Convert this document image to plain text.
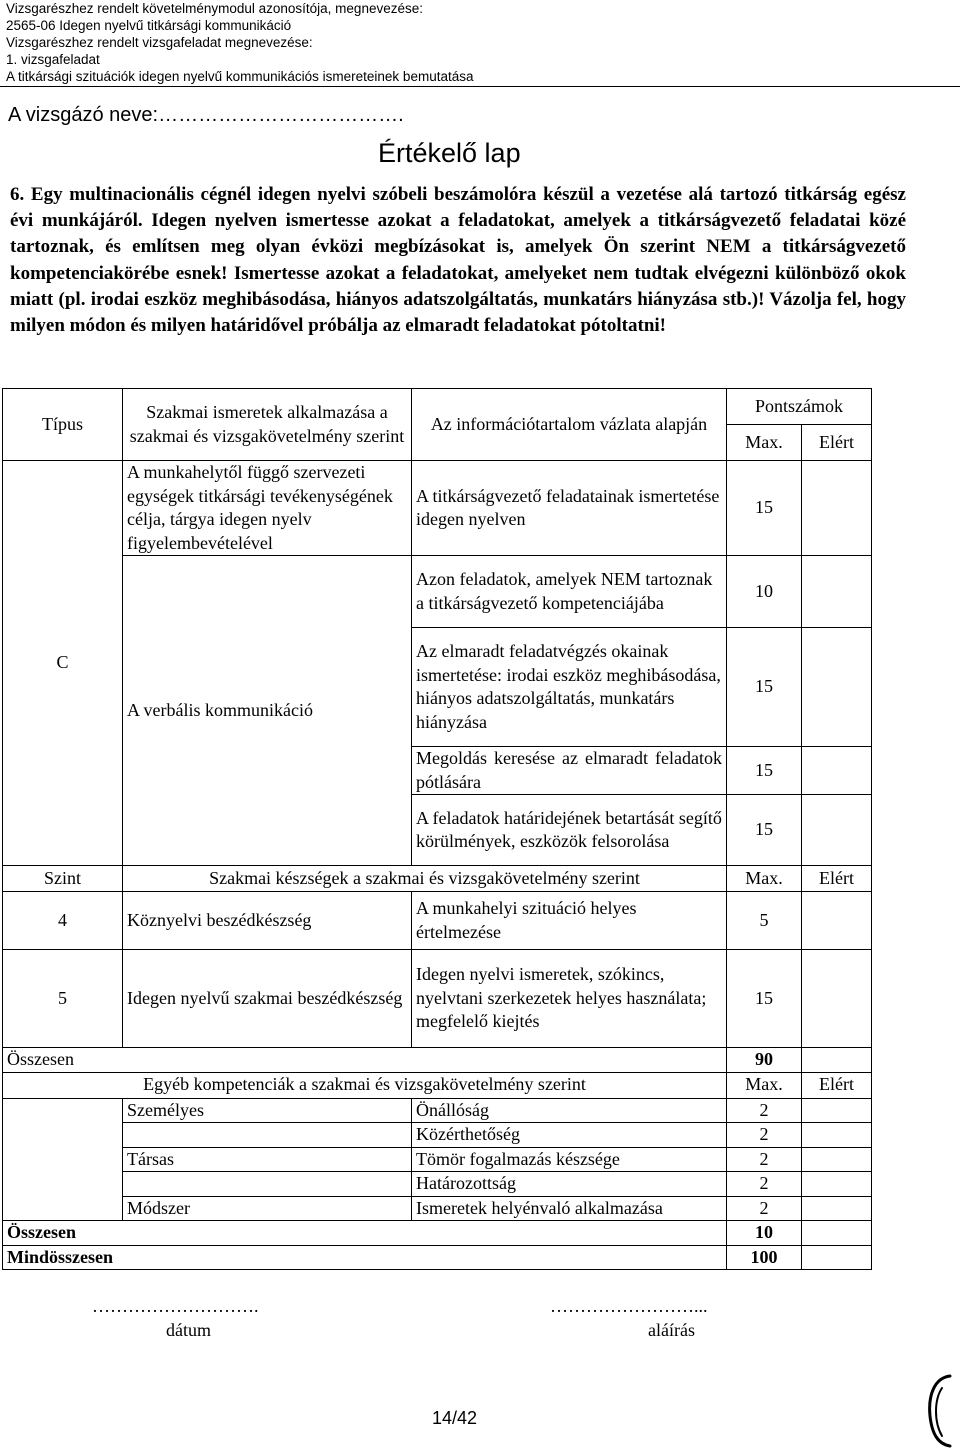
Vizsgarészhez rendelt követelménymodul azonosítója, megnevezése:
2565-06 Idegen nyelvű titkársági kommunikáció
Vizsgarészhez rendelt vizsgafeladat megnevezése:
1. vizsgafeladat
A titkársági szituációk idegen nyelvű kommunikációs ismereteinek bemutatása
A vizsgázó neve:……………………………….
Értékelő lap
6. Egy multinacionális cégnél idegen nyelvi szóbeli beszámolóra készül a vezetése alá tartozó titkárság egész évi munkájáról. Idegen nyelven ismertesse azokat a feladatokat, amelyek a titkárságvezető feladatai közé tartoznak, és említsen meg olyan évközi megbízásokat is, amelyek Ön szerint NEM a titkárságvezető kompetenciakörébe esnek! Ismertesse azokat a feladatokat, amelyeket nem tudtak elvégezni különböző okok miatt (pl. irodai eszköz meghibásodása, hiányos adatszolgáltatás, munkatárs hiányzása stb.)! Vázolja fel, hogy milyen módon és milyen határidővel próbálja az elmaradt feladatokat pótoltatni!
Típus	Szakmai ismeretek alkalmazása a szakmai és vizsgakövetelmény szerint	Az információtartalom vázlata alapján	Pontszámok	
			Max.	Elért
C	A munkahelytől függő szervezeti egységek titkársági tevékenységének célja, tárgya idegen nyelv figyelembevételével	A titkárságvezető feladatainak ismertetése idegen nyelven	15	
	A verbális kommunikáció	Azon feladatok, amelyek NEM tartoznak a titkárságvezető kompetenciájába	10	
		Az elmaradt feladatvégzés okainak ismertetése: irodai eszköz meghibásodása, hiányos adatszolgáltatás, munkatárs hiányzása	15	
		Megoldás keresése az elmaradt feladatok pótlására	15	
		A feladatok határidejének betartását segítő körülmények, eszközök felsorolása	15	
Szint	Szakmai készségek a szakmai és vizsgakövetelmény szerint		Max.	Elért
4	Köznyelvi beszédkészség	A munkahelyi szituáció helyes értelmezése	5	
5	Idegen nyelvű szakmai beszédkészség	Idegen nyelvi ismeretek, szókincs, nyelvtani szerkezetek helyes használata; megfelelő kiejtés	15	
Összesen			90	
Egyéb kompetenciák a szakmai és vizsgakövetelmény szerint			Max.	Elért
	Személyes	Önállóság	2	
		Közérthetőség	2	
	Társas	Tömör fogalmazás készsége	2	
		Határozottság	2	
	Módszer	Ismeretek helyénvaló alkalmazása	2	
Összesen			10	
Mindösszesen			100	
……………………….
dátum
……………………...
aláírás
14/42
